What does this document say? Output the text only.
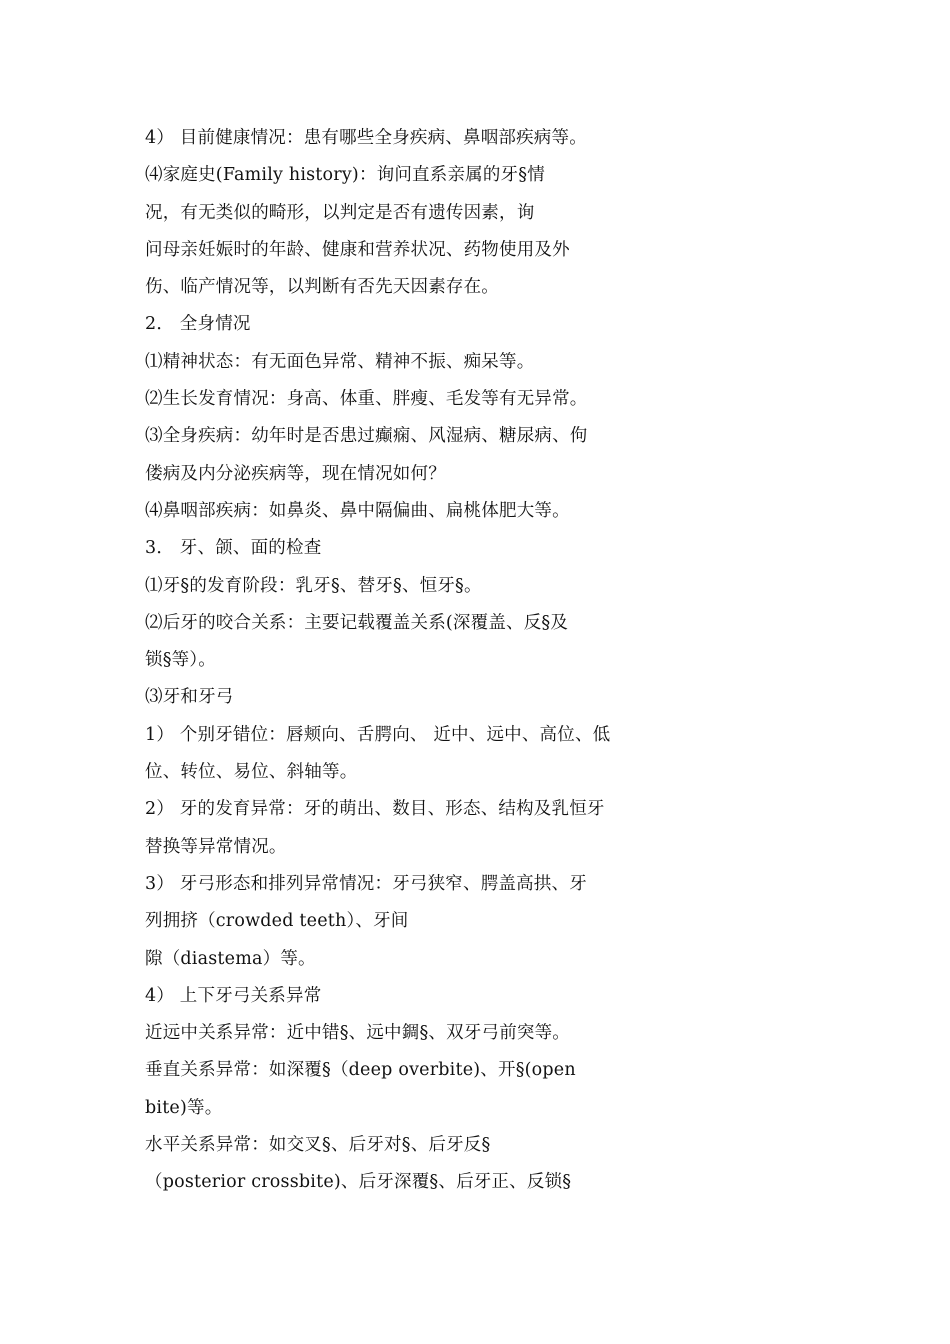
4） 目前健康情况：患有哪些全身疾病、鼻咽部疾病等。
⑷家庭史(Family history)：询问直系亲属的牙§情
况，有无类似的畸形，以判定是否有遗传因素，询
问母亲妊娠时的年龄、健康和营养状况、药物使用及外
伤、临产情况等，以判断有否先天因素存在。
2． 全身情况
⑴精神状态：有无面色异常、精神不振、痴呆等。
⑵生长发育情况：身高、体重、胖瘦、毛发等有无异常。
⑶全身疾病：幼年时是否患过癫痫、风湿病、糖尿病、佝
偻病及内分泌疾病等，现在情况如何？
⑷鼻咽部疾病：如鼻炎、鼻中隔偏曲、扁桃体肥大等。
3． 牙、颌、面的检查
⑴牙§的发育阶段：乳牙§、替牙§、恒牙§。
⑵后牙的咬合关系：主要记载覆盖关系(深覆盖、反§及
锁§等）。
⑶牙和牙弓
1） 个别牙错位：唇颊向、舌腭向、 近中、远中、高位、低
位、转位、易位、斜轴等。
2） 牙的发育异常：牙的萌出、数目、形态、结构及乳恒牙
替换等异常情况。
3） 牙弓形态和排列异常情况：牙弓狭窄、腭盖高拱、牙
列拥挤（crowded teeth）、牙间
隙（diastema）等。
4） 上下牙弓关系异常
近远中关系异常：近中错§、远中錭§、双牙弓前突等。
垂直关系异常：如深覆§（deep overbite)、开§(open
bite)等。
水平关系异常：如交叉§、后牙对§、后牙反§
（posterior crossbite)、后牙深覆§、后牙正、反锁§
